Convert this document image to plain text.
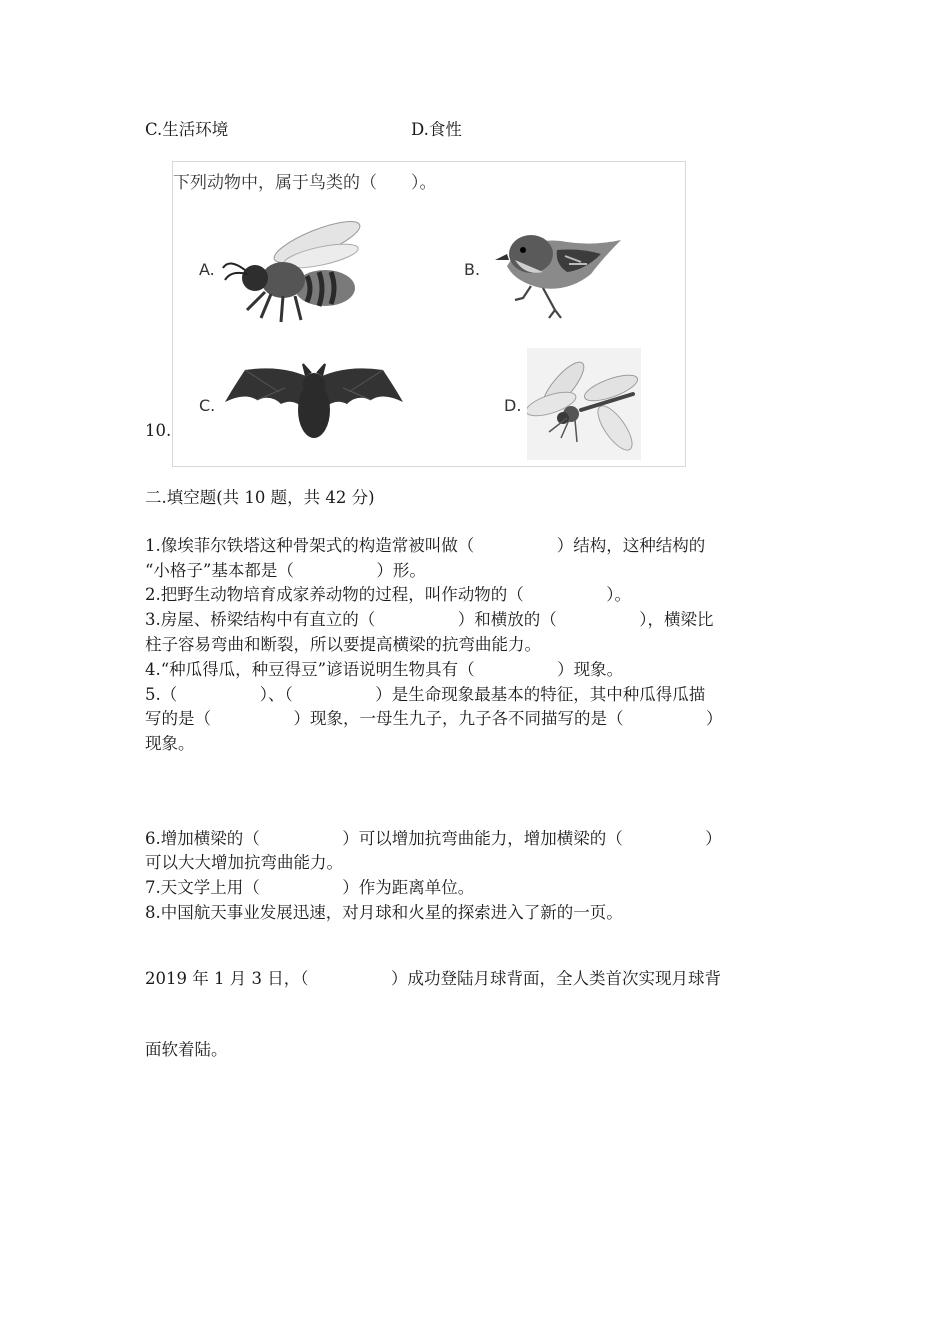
C.生活环境	D.食性
10.
下列动物中，属于鸟类的（　　）。
A.	B.
C.	D.
二.填空题(共 10 题，共 42 分)
1.像埃菲尔铁塔这种骨架式的构造常被叫做（　　　　　）结构，这种结构的
“小格子”基本都是（　　　　　）形。
2.把野生动物培育成家养动物的过程，叫作动物的（　　　　　）。
3.房屋、桥梁结构中有直立的（　　　　　）和横放的（　　　　　），横梁比
柱子容易弯曲和断裂，所以要提高横梁的抗弯曲能力。
4.“种瓜得瓜，种豆得豆”谚语说明生物具有（　　　　　）现象。
5.（　　　　　）、（　　　　　）是生命现象最基本的特征，其中种瓜得瓜描
写的是（　　　　　）现象，一母生九子，九子各不同描写的是（　　　　　）
现象。
6.增加横梁的（　　　　　）可以增加抗弯曲能力，增加横梁的（　　　　　）
可以大大增加抗弯曲能力。
7.天文学上用（　　　　　）作为距离单位。
8.中国航天事业发展迅速，对月球和火星的探索进入了新的一页。
2019 年 1 月 3 日，（　　　　　）成功登陆月球背面，全人类首次实现月球背
面软着陆。
